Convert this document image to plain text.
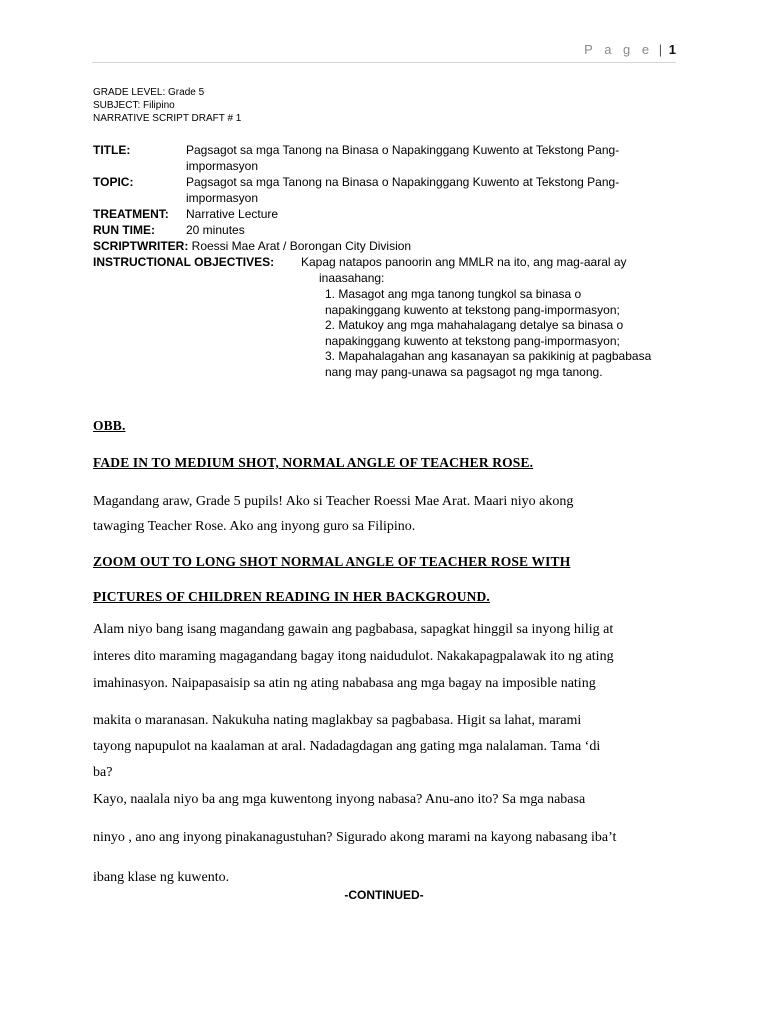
P a g e | 1
GRADE LEVEL: Grade 5
SUBJECT: Filipino
NARRATIVE SCRIPT DRAFT # 1
TITLE:	Pagsagot sa mga Tanong na Binasa o Napakinggang Kuwento at Tekstong Pang-impormasyon
TOPIC:	Pagsagot sa mga Tanong na Binasa o Napakinggang Kuwento at Tekstong Pang-impormasyon
TREATMENT: Narrative Lecture
RUN TIME:	20 minutes
SCRIPTWRITER: Roessi Mae Arat / Borongan City Division
INSTRUCTIONAL OBJECTIVES: Kapag natapos panoorin ang MMLR na ito, ang mag-aaral ay
inaasahang:
1. Masagot ang mga tanong tungkol sa binasa o napakinggang kuwento at tekstong pang-impormasyon;
2. Matukoy ang mga mahahalagang detalye sa binasa o napakinggang kuwento at tekstong pang-impormasyon;
3. Mapahalagahan ang kasanayan sa pakikinig at pagbabasa nang may pang-unawa sa pagsagot ng mga tanong.
OBB.
FADE IN TO MEDIUM SHOT, NORMAL ANGLE OF TEACHER ROSE.
Magandang araw, Grade 5 pupils! Ako si Teacher Roessi Mae Arat. Maari niyo akong
tawaging Teacher Rose. Ako ang inyong guro sa Filipino.
ZOOM OUT TO LONG SHOT NORMAL ANGLE OF TEACHER ROSE WITH
PICTURES OF CHILDREN READING IN HER BACKGROUND.
Alam niyo bang isang magandang gawain ang pagbabasa, sapagkat hinggil sa inyong hilig at
interes dito maraming magagandang bagay itong naidudulot. Nakakapagpalawak ito ng ating
imahinasyon. Naipapasaisip sa atin ng ating nababasa ang mga bagay na imposible nating
makita o maranasan. Nakukuha nating maglakbay sa pagbabasa. Higit sa lahat, marami
tayong napupulot na kaalaman at aral. Nadadagdagan ang gating mga nalalaman. Tama ‘di
ba?
Kayo, naalala niyo ba ang mga kuwentong inyong nabasa? Anu-ano ito? Sa mga nabasa
ninyo , ano ang inyong pinakanagustuhan? Sigurado akong marami na kayong nabasang iba’t
ibang klase ng kuwento.
-CONTINUED-
